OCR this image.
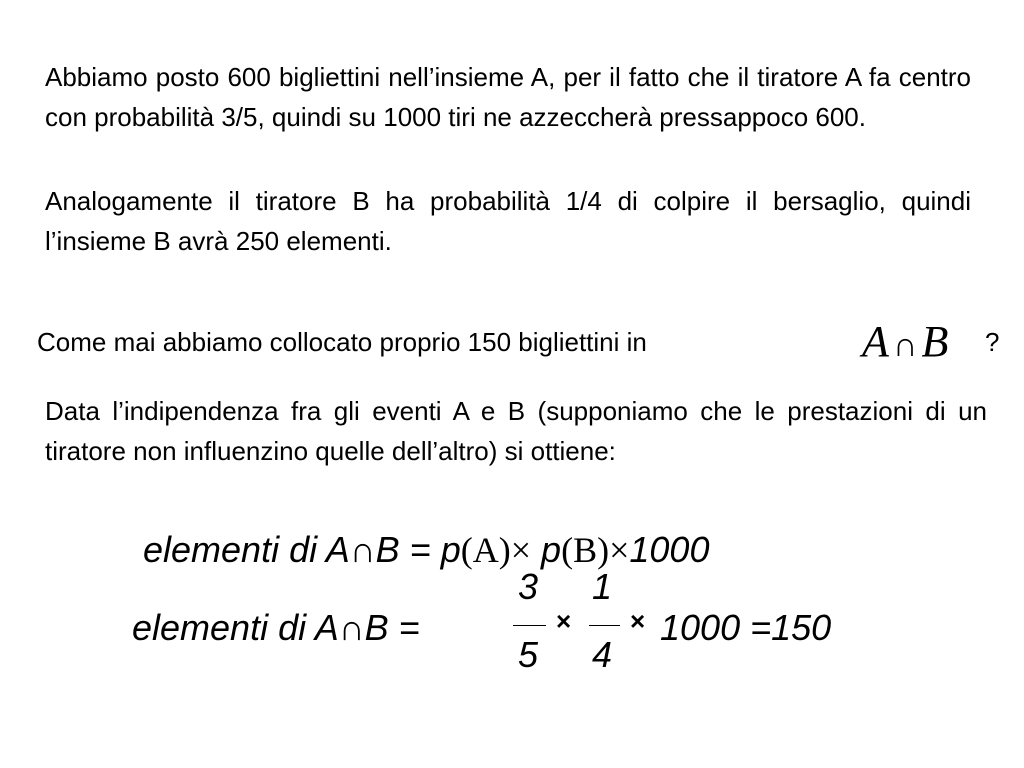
Abbiamo posto 600 bigliettini nell’insieme A, per il fatto che il tiratore A fa centro con probabilità 3/5, quindi su 1000 tiri ne azzeccherà pressappoco 600.

Analogamente il tiratore B ha probabilità 1/4 di colpire il bersaglio, quindi l’insieme B avrà 250 elementi.

Come mai abbiamo collocato proprio 150 bigliettini in	A ∩B ?

Data l’indipendenza fra gli eventi A e B (supponiamo che le prestazioni di un tiratore non influenzino quelle dell’altro) si ottiene:

elementi di A∩B = p(A)× p(B)×1000
elementi di A∩B =
3
5
×
1
4
× 1000 =150
